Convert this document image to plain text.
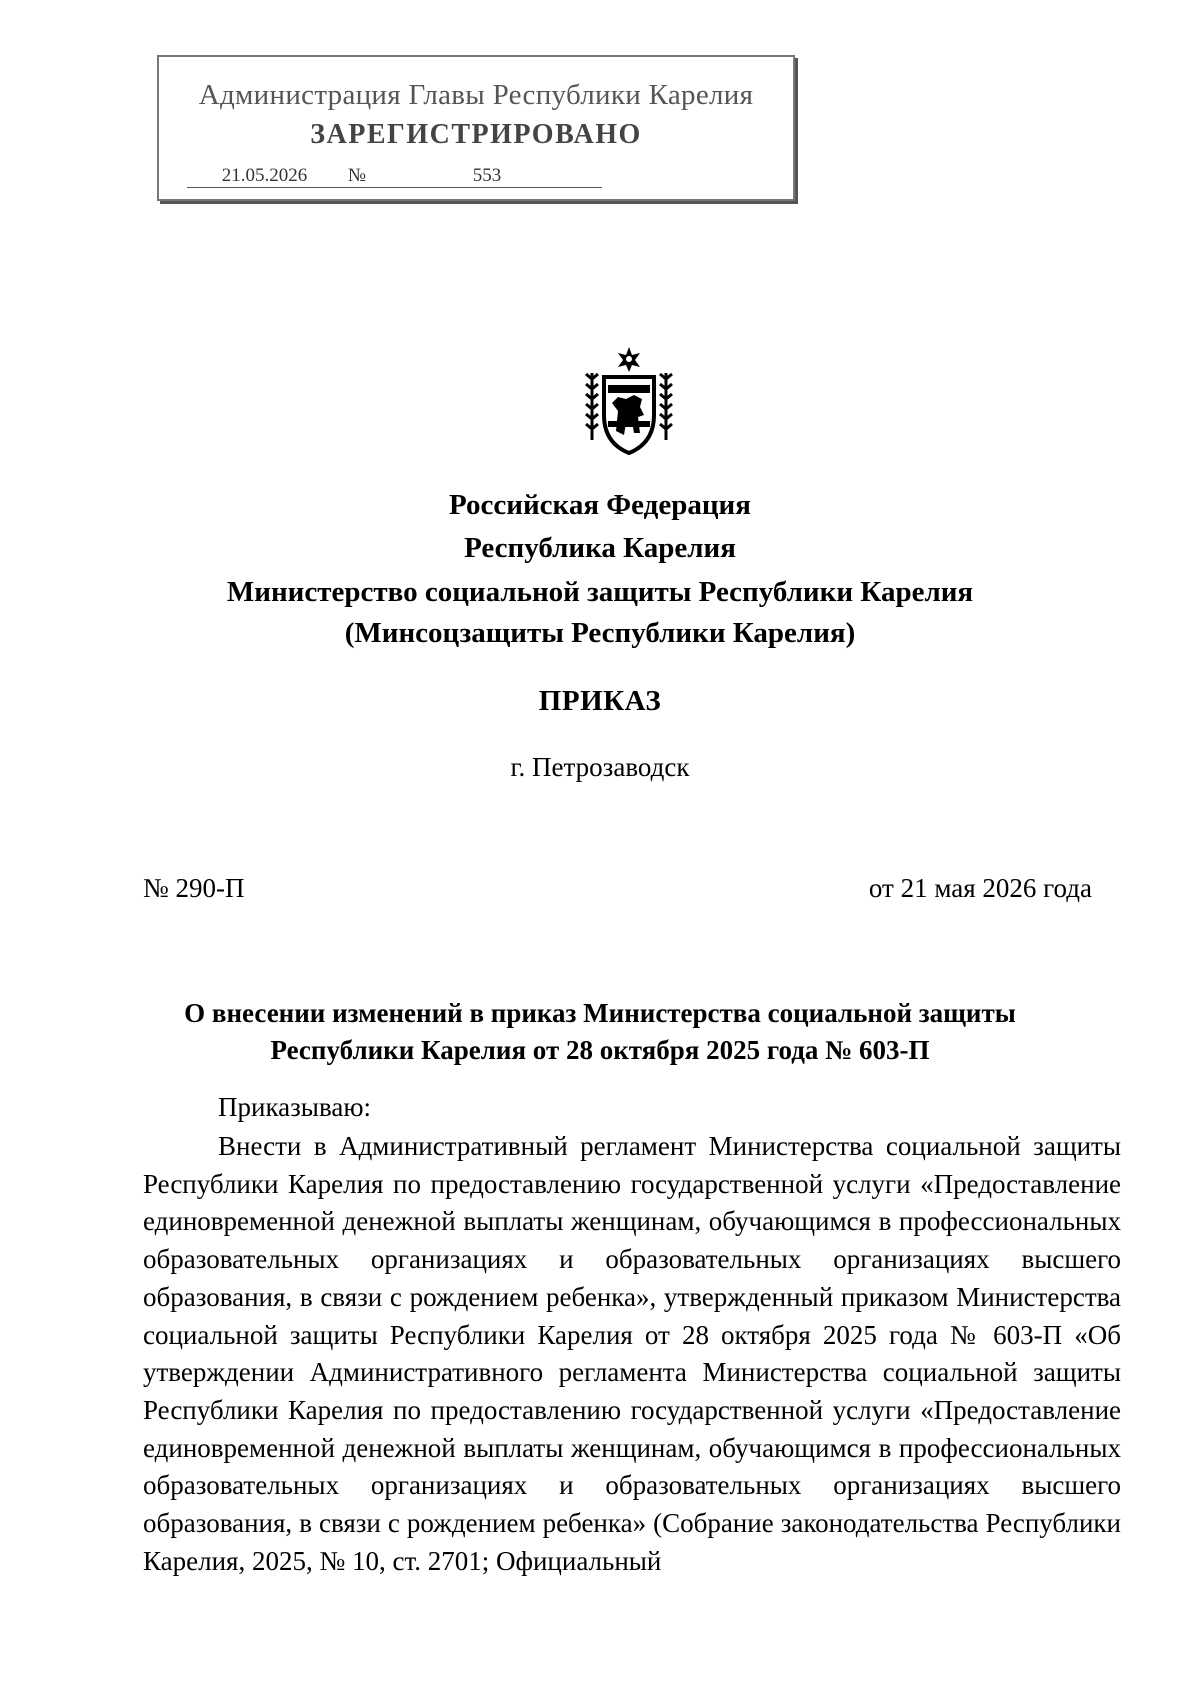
Администрация Главы Республики Карелия
ЗАРЕГИСТРИРОВАНО
21.05.2026 №	553
Российская Федерация
Республика Карелия
Министерство социальной защиты Республики Карелия
(Минсоцзащиты Республики Карелия)
ПРИКАЗ
г. Петрозаводск
№ 290-П	от 21 мая 2026 года
О внесении изменений в приказ Министерства социальной защиты
Республики Карелия от 28 октября 2025 года № 603-П
Приказываю:

Внести в Административный регламент Министерства социальной защиты Республики Карелия по предоставлению государственной услуги «Предоставление единовременной денежной выплаты женщинам, обучающимся в профессиональных образовательных организациях и образовательных организациях высшего образования, в связи с рождением ребенка», утвержденный приказом Министерства социальной защиты Республики Карелия от 28 октября 2025 года № 603-П «Об утверждении Административного регламента Министерства социальной защиты Республики Карелия по предоставлению государственной услуги «Предоставление единовременной денежной выплаты женщинам, обучающимся в профессиональных образовательных организациях и образовательных организациях высшего образования, в связи с рождением ребенка» (Собрание законодательства Республики Карелия, 2025, № 10, ст. 2701; Официальный
